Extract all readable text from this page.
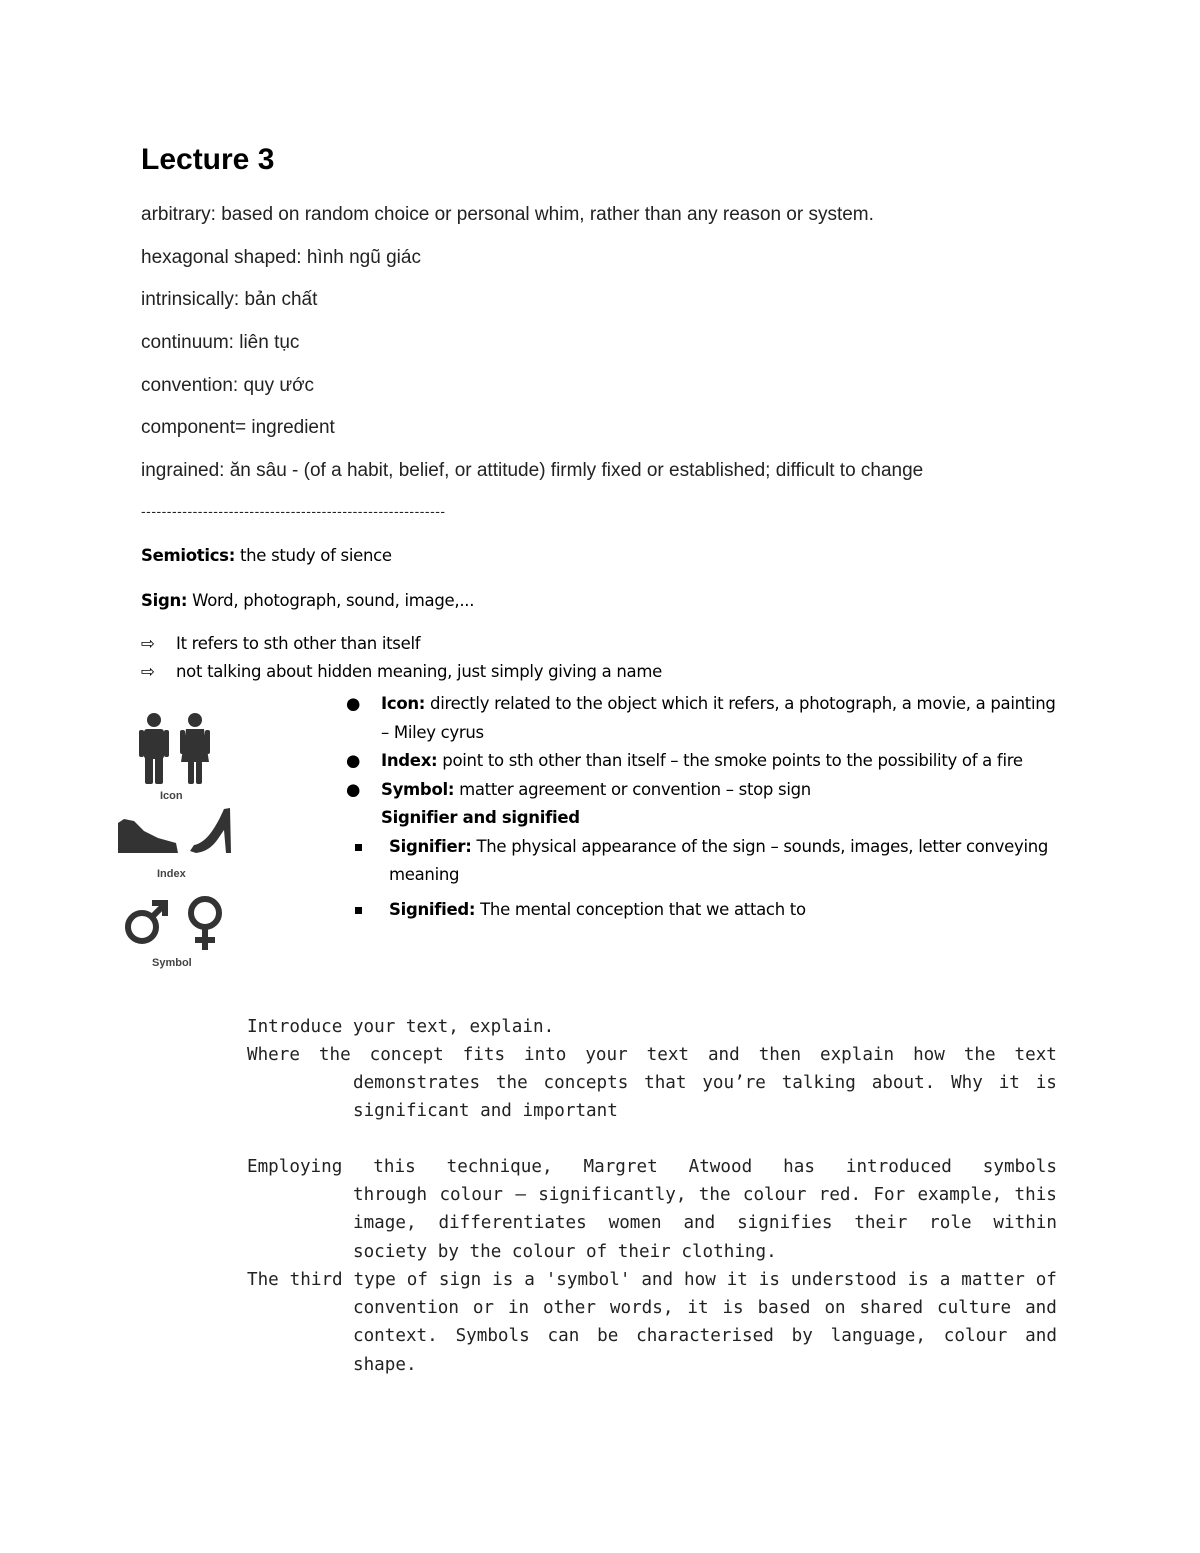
Lecture 3
arbitrary: based on random choice or personal whim, rather than any reason or system.
hexagonal shaped: hình ngũ giác
intrinsically: bản chất
continuum: liên tục
convention: quy ước
component= ingredient
ingrained: ăn sâu - (of a habit, belief, or attitude) firmly fixed or established; difficult to change
-----------------------------------------------------------
Semiotics: the study of sience
Sign: Word, photograph, sound, image,...
⇨ It refers to sth other than itself
⇨ not talking about hidden meaning, just simply giving a name
Icon
Index
Symbol
● Icon: directly related to the object which it refers, a photograph, a movie, a painting – Miley cyrus
● Index: point to sth other than itself – the smoke points to the possibility of a fire
● Symbol: matter agreement or convention – stop sign
Signifier and signified
Signifier: The physical appearance of the sign – sounds, images, letter conveying meaning
Signified: The mental conception that we attach to
Introduce your text, explain.
Where the concept fits into your text and then explain how the text
demonstrates the concepts that you’re talking about. Why it is
significant and important
Employing this technique, Margret Atwood has introduced symbols
through colour – significantly, the colour red. For example, this
image, differentiates women and signifies their role within
society by the colour of their clothing.
The third type of sign is a 'symbol' and how it is understood is a matter of
convention or in other words, it is based on shared culture and
context. Symbols can be characterised by language, colour and
shape.
